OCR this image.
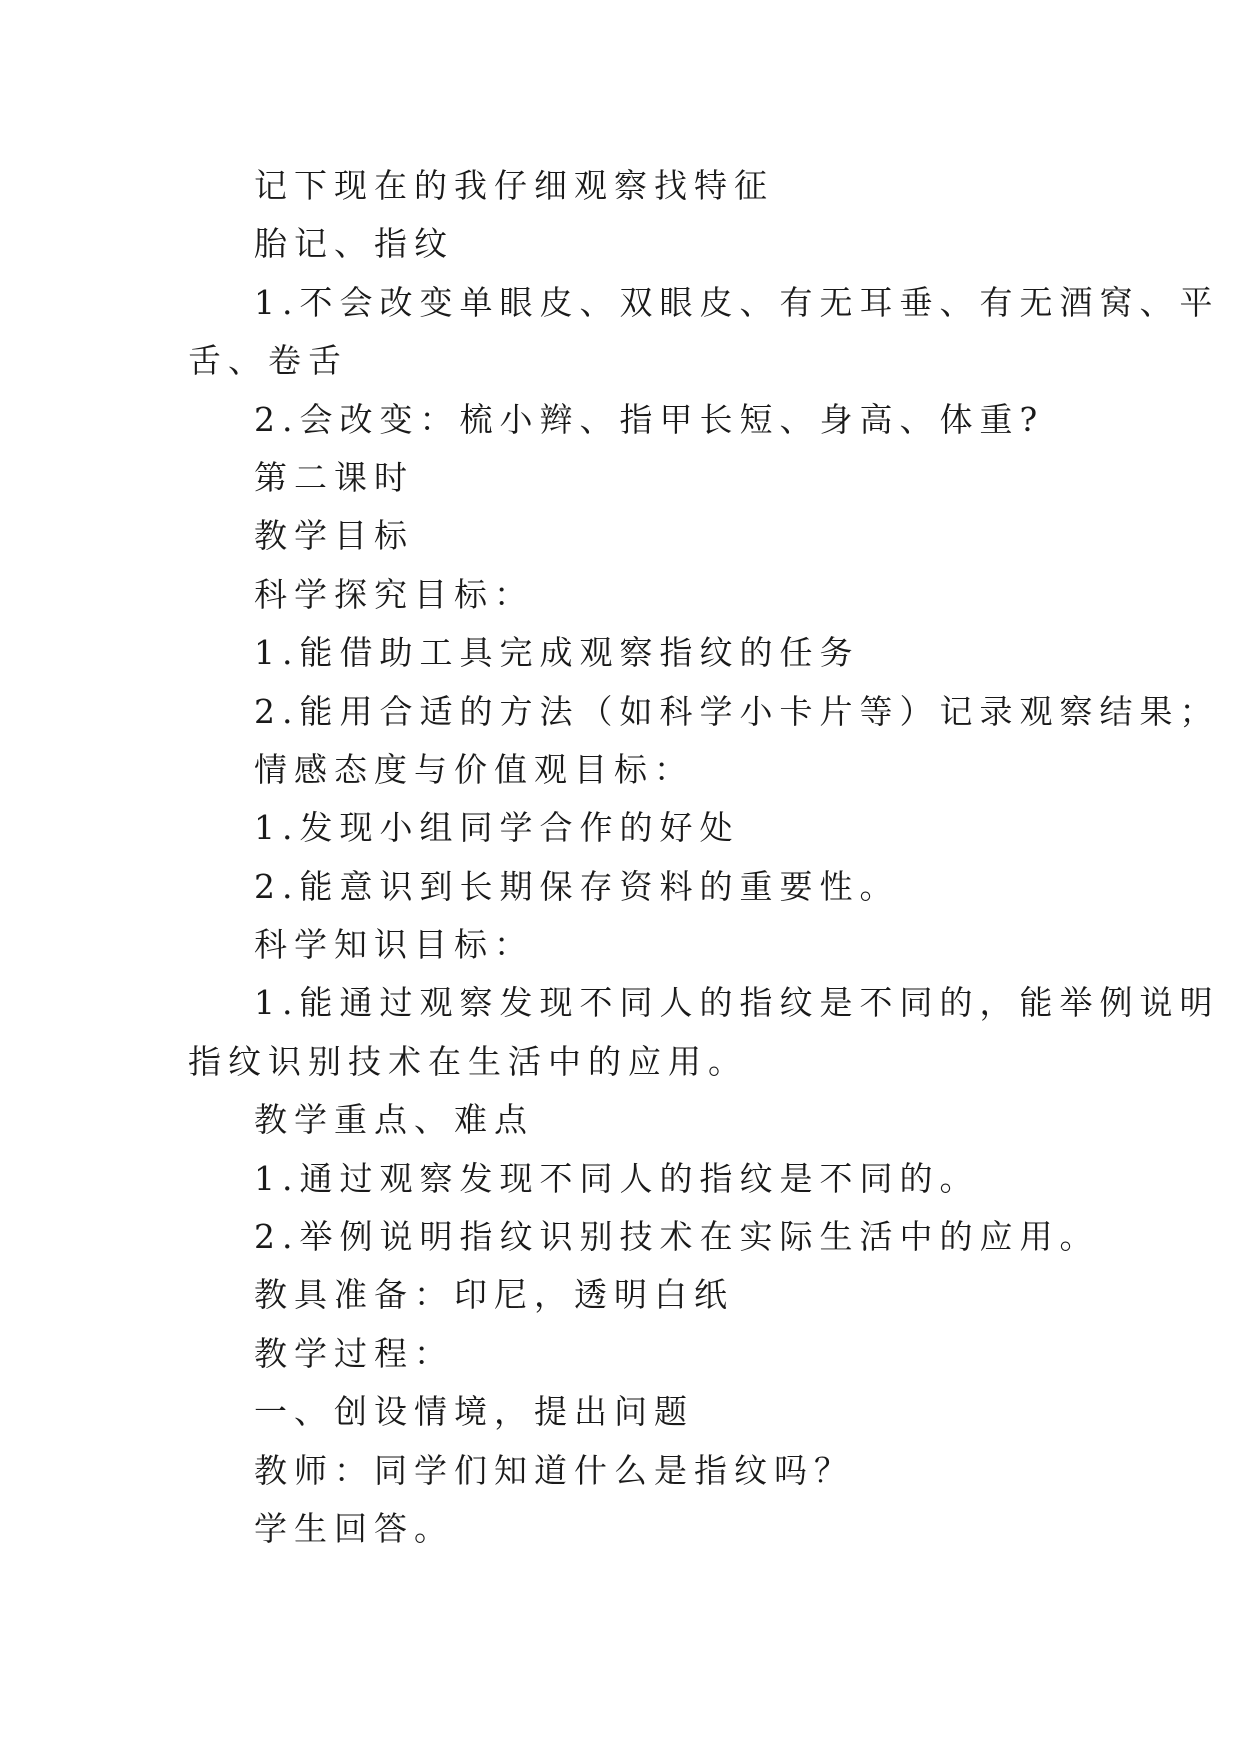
记下现在的我仔细观察找特征
胎记、指纹
1.不会改变单眼皮、双眼皮、有无耳垂、有无酒窝、平
舌、卷舌
2.会改变：梳小辫、指甲长短、身高、体重?
第二课时
教学目标
科学探究目标：
1.能借助工具完成观察指纹的任务
2.能用合适的方法（如科学小卡片等）记录观察结果；
情感态度与价值观目标：
1.发现小组同学合作的好处
2.能意识到长期保存资料的重要性。
科学知识目标：
1.能通过观察发现不同人的指纹是不同的，能举例说明
指纹识别技术在生活中的应用。
教学重点、难点
1.通过观察发现不同人的指纹是不同的。
2.举例说明指纹识别技术在实际生活中的应用。
教具准备：印尼，透明白纸
教学过程：
一、创设情境，提出问题
教师：同学们知道什么是指纹吗？
学生回答。
